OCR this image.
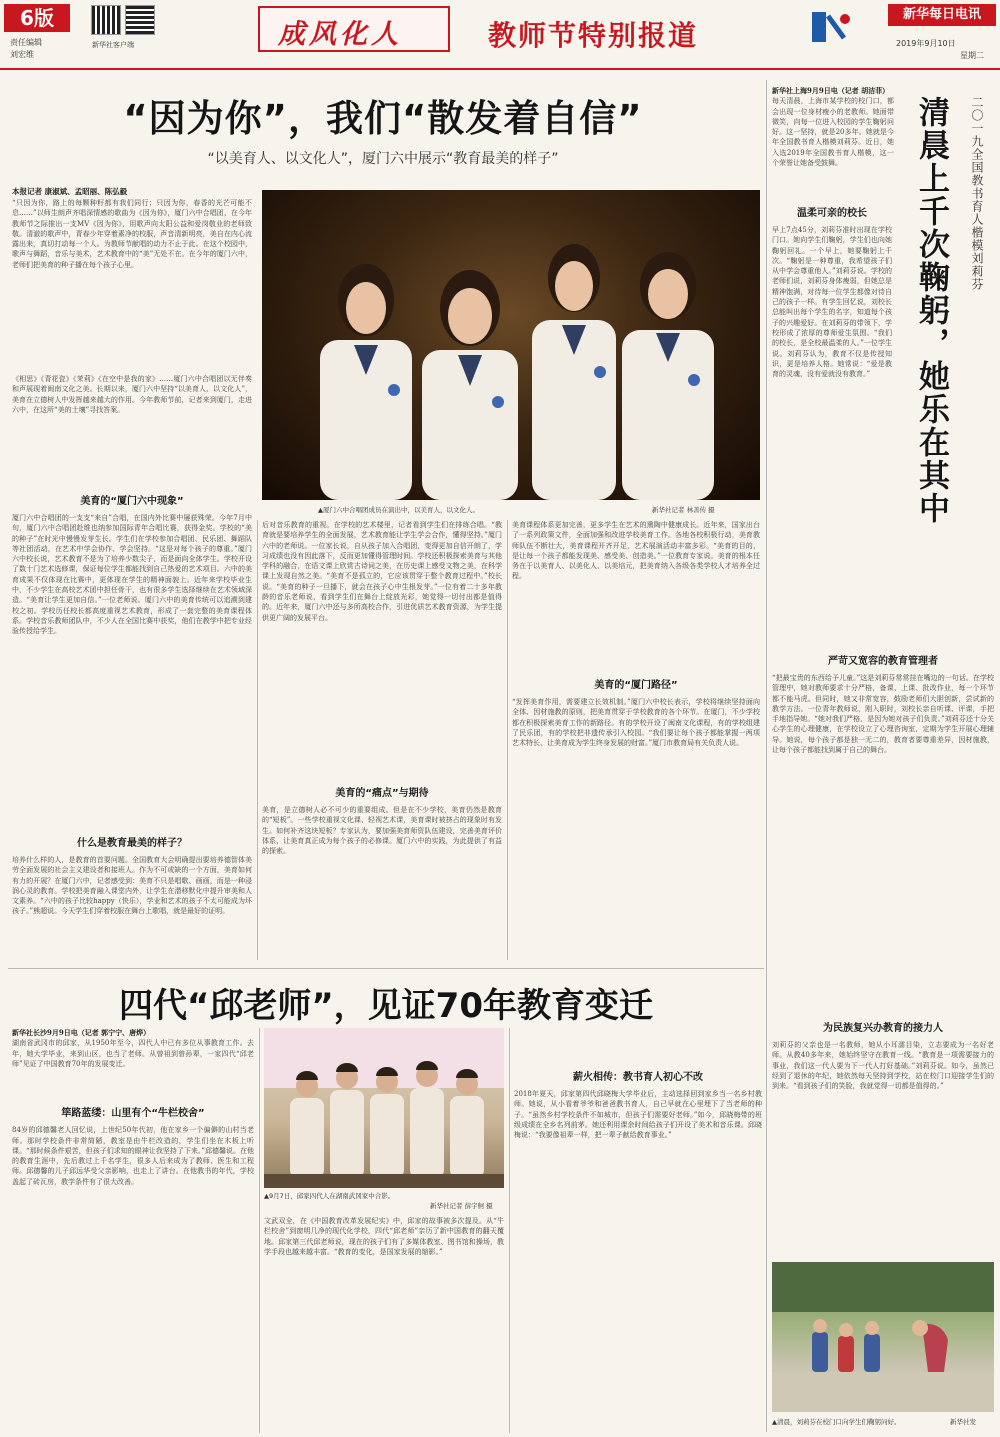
6版
责任编辑
刘宏维
新华社客户端	成风化人	教师节特别报道
新华每日电讯
2019年9月10日
星期二
“因为你”，我们“散发着自信”
“以美育人、以文化人”，厦门六中展示“教育最美的样子”
本报记者 康淑斌、孟昭丽、陈弘毅
“只因为你，路上的每颗种籽都有我们同行；只因为你，春香的光芒可能不息……”以师生朗声齐唱深情感的歌曲为《因为你》，厦门六中合唱团，在今年教师节之际推出一支MV《因为你》，用歌声向太阳公益和爱岗敬业的老师致敬。清澈的歌声中，青春少年穿着素净的校服，声音清新明亮，美自在内心流露出来，真切打动每一个人。为教师节献唱的动力不止于此。在这个校园中，歌声与舞蹈，音乐与美术，艺术教育中的“美”无处不在。在今年的厦门六中，老师们把美育的种子播在每个孩子心里。
《相思》《青花瓷》《茉莉》《在空中是我的家》……厦门六中合唱团以无伴奏和声展现着闽南文化之美。长期以来，厦门六中坚持“以美育人、以文化人”，美育在立德树人中发挥越来越大的作用。今年教师节前，记者来到厦门，走进六中，在这所“美的土壤”寻找答案。
美育的“厦门六中现象”
厦门六中合唱团的一支支“来自”合唱，在国内外比赛中屡获殊荣。今年7月中旬，厦门六中合唱团赴维也纳参加国际青年合唱比赛，获得金奖。学校的“美的种子”在时光中慢慢发芽生长。学生们在学校参加合唱团、民乐团、舞蹈队等社团活动，在艺术中学会协作、学会坚持。“这是对每个孩子的尊重。”厦门六中校长说，艺术教育不是为了培养少数尖子，而是面向全体学生。学校开设了数十门艺术选修课，保证每位学生都能找到自己热爱的艺术项目。六中的美育成果不仅体现在比赛中，更体现在学生的精神面貌上。近年来学校毕业生中，不少学生在高校艺术团中担任骨干，也有很多学生选择继续在艺术领域深造。“美育让学生更加自信。”一位老师说。厦门六中的美育传统可以追溯到建校之初。学校历任校长都高度重视艺术教育，形成了一套完整的美育课程体系。学校音乐教师团队中，不少人在全国比赛中获奖，他们在教学中把专业经验传授给学生。
什么是教育最美的样子？
培养什么样的人，是教育的首要问题。全国教育大会明确提出要培养德智体美劳全面发展的社会主义建设者和接班人。作为不可或缺的一个方面，美育如何有力的开展？在厦门六中，记者感受到：美育不只是唱歌、画画，而是一种浸润心灵的教育。学校把美育融入课堂内外，让学生在潜移默化中提升审美和人文素养。“六中的孩子比较happy（快乐），学业和艺术的孩子不太可能成为坏孩子。”熊超说。今天学生们穿着校服在舞台上歌唱，就是最好的证明。
▲厦门六中合唱团成员在演出中，以美育人，以文化人。	新华社记者 林善传 摄
后对音乐教育的重视。在学校的艺术楼里，记者看到学生们在排练合唱。“教育就是要培养学生的全面发展，艺术教育能让学生学会合作，懂得坚持。”厦门六中的老师说。一位家长说，自从孩子加入合唱团，变得更加自信开朗了，学习成绩也没有因此落下，反而更加懂得管理时间。学校还积极探索美育与其他学科的融合，在语文课上欣赏古诗词之美，在历史课上感受文物之美，在科学课上发现自然之美。“美育不是孤立的，它应该贯穿于整个教育过程中。”校长说。“美育的种子一旦播下，就会在孩子心中生根发芽。”一位有着二十多年教龄的音乐老师说，看到学生们在舞台上绽放光彩，她觉得一切付出都是值得的。近年来，厦门六中还与多所高校合作，引进优质艺术教育资源，为学生提供更广阔的发展平台。
美育的“痛点”与期待
美育，是立德树人必不可少的重要组成。但是在不少学校，美育仍然是教育的“短板”。一些学校重视文化课、轻视艺术课，美育课时被挤占的现象时有发生。如何补齐这块短板？专家认为，要加强美育师资队伍建设，完善美育评价体系，让美育真正成为每个孩子的必修课。厦门六中的实践，为此提供了有益的探索。
美育课程体系更加完善，更多学生在艺术的熏陶中健康成长。近年来，国家出台了一系列政策文件，全面加强和改进学校美育工作。各地各校积极行动，美育教师队伍不断壮大，美育课程开齐开足，艺术展演活动丰富多彩。“美育的目的，是让每一个孩子都能发现美、感受美、创造美。”一位教育专家说。美育的根本任务在于以美育人、以美化人、以美培元，把美育纳入各级各类学校人才培养全过程。
美育的“厦门路径”
“发挥美育作用，需要建立长效机制。”厦门六中校长表示，学校将继续坚持面向全体、因材施教的原则，把美育贯穿于学校教育的各个环节。在厦门，不少学校都在积极探索美育工作的新路径。有的学校开设了闽南文化课程，有的学校组建了民乐团，有的学校把非遗传承引入校园。“我们要让每个孩子都能掌握一两项艺术特长，让美育成为学生终身发展的财富。”厦门市教育局有关负责人说。
四代“邱老师”，见证70年教育变迁
新华社长沙9月9日电（记者 郭宁宁、唐烨）
湖南省武冈市的邱家，从1950年至今，四代人中已有多位从事教育工作。去年，她大学毕业，来到山区，也当了老师。从曾祖到曾孙辈，一家四代“邱老师”见证了中国教育70年的发展变迁。
筚路蓝缕：山里有个“牛栏校舍”
84岁的邱德馨老人回忆说，上世纪50年代初，他在家乡一个偏僻的山村当老师。那时学校条件非常简陋，教室是由牛栏改造的，学生们坐在木板上听课。“那时候条件艰苦，但孩子们求知的眼神让我坚持了下来。”邱德馨说。在他的教育生涯中，先后教过上千名学生，很多人后来成为了教师、医生和工程师。邱德馨的儿子邱远华受父亲影响，也走上了讲台。在他教书的年代，学校盖起了砖瓦房，教学条件有了很大改善。
▲9月7日，邱家四代人在湖南武冈家中合影。
新华社记者 薛宇舸 摄
文武双全，在《中国教育改革发展纪实》中，邱家的故事被多次提及。从“牛栏校舍”到窗明几净的现代化学校，四代“邱老师”亲历了新中国教育的翻天覆地。邱家第三代邱老师说，现在的孩子们有了多媒体教室、图书馆和操场，教学手段也越来越丰富。“教育的变化，是国家发展的缩影。”
薪火相传：教书育人初心不改
2018年夏天，邱家第四代邱晓梅大学毕业后，主动选择回到家乡当一名乡村教师。她说，从小看着爷爷和爸爸教书育人，自己早就在心里埋下了当老师的种子。“虽然乡村学校条件不如城市，但孩子们需要好老师。”如今，邱晓梅带的班级成绩在全乡名列前茅。她还利用课余时间给孩子们开设了美术和音乐课。邱晓梅说：“我要像祖辈一样，把一辈子献给教育事业。”
新华社上海9月9日电（记者 胡洁菲）
每天清晨，上海市某学校的校门口，都会出现一位身材瘦小的老教师。她面带微笑，向每一位进入校园的学生鞠躬问好。这一坚持，就是20多年。她就是今年全国教书育人楷模刘莉芬。近日，她入选2019年全国教书育人楷模，这一个荣誉让她备受鼓舞。	清晨上千次鞠躬，她乐在其中	二〇一九全国教书育人楷模刘莉芬
温柔可亲的校长
早上7点45分，刘莉芬准时出现在学校门口。她向学生们鞠躬，学生们也向她鞠躬回礼。一个早上，她要鞠躬上千次。“鞠躬是一种尊重，我希望孩子们从中学会尊重他人。”刘莉芬说。学校的老师们说，刘莉芬身体瘦弱，但她总是精神饱满，对待每一位学生都像对待自己的孩子一样。有学生回忆说，刘校长总能叫出每个学生的名字，知道每个孩子的兴趣爱好。在刘莉芬的带领下，学校形成了浓厚的尊师爱生氛围。“我们的校长，是全校最温柔的人。”一位学生说。刘莉芬认为，教育不仅是传授知识，更是培养人格。她常说：“爱是教育的灵魂，没有爱就没有教育。”
严苛又宽容的教育管理者
“把最宝贵的东西给予儿童。”这是刘莉芬常常挂在嘴边的一句话。在学校管理中，她对教师要求十分严格，备课、上课、批改作业，每一个环节都不能马虎。但同时，她又非常宽容，鼓励老师们大胆创新，尝试新的教学方法。一位青年教师说，刚入职时，刘校长亲自听课、评课，手把手地指导她。“她对我们严格，是因为她对孩子们负责。”刘莉芬还十分关心学生的心理健康，在学校设立了心理咨询室，定期为学生开展心理辅导。她说，每个孩子都是独一无二的，教育者要尊重差异，因材施教，让每个孩子都能找到属于自己的舞台。
为民族复兴办教育的接力人
刘莉芬的父亲也是一名教师，她从小耳濡目染，立志要成为一名好老师。从教40多年来，她始终坚守在教育一线。“教育是一项需要接力的事业，我们这一代人要为下一代人打好基础。”刘莉芬说。如今，虽然已经到了退休的年纪，她依然每天坚持到学校，站在校门口迎接学生们的到来。“看到孩子们的笑脸，我就觉得一切都是值得的。”
▲清晨，刘莉芬在校门口向学生们鞠躬问好。	新华社发
